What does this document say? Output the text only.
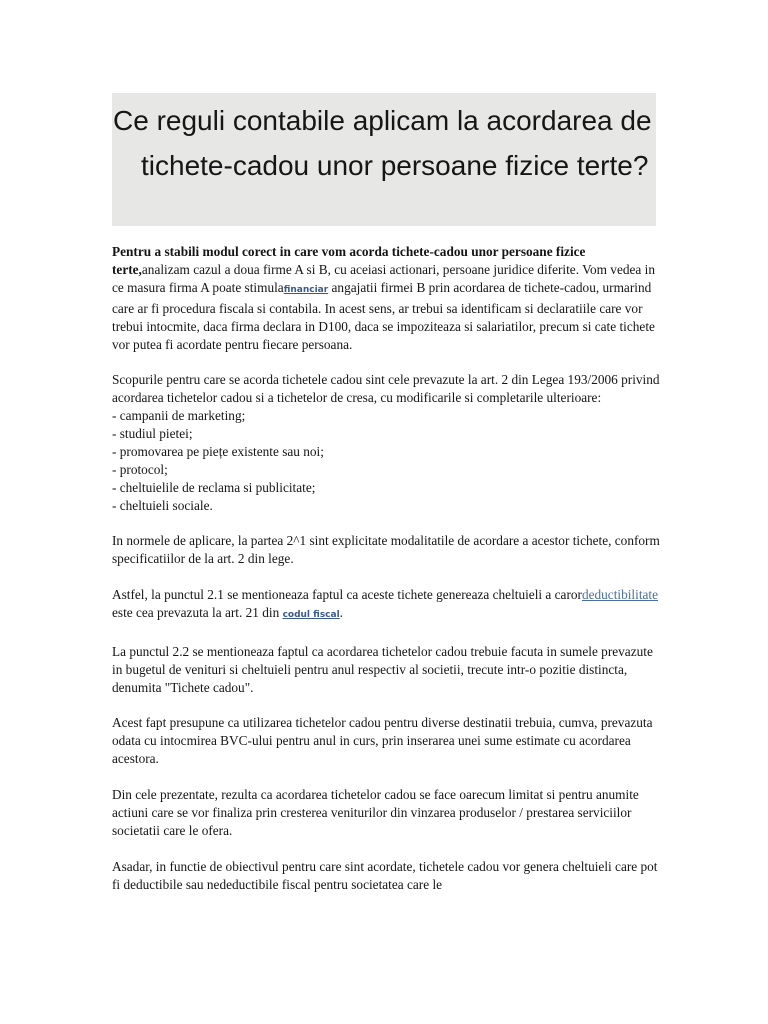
Ce reguli contabile aplicam la acordarea de tichete-cadou unor persoane fizice terte?

Pentru a stabili modul corect in care vom acorda tichete-cadou unor persoane fizice terte,analizam cazul a doua firme A si B, cu aceiasi actionari, persoane juridice diferite. Vom vedea in ce masura firma A poate stimulafinanciar angajatii firmei B prin acordarea de tichete-cadou, urmarind care ar fi procedura fiscala si contabila. In acest sens, ar trebui sa identificam si declaratiile care vor trebui intocmite, daca firma declara in D100, daca se impoziteaza si salariatilor, precum si cate tichete vor putea fi acordate pentru fiecare persoana.

Scopurile pentru care se acorda tichetele cadou sint cele prevazute la art. 2 din Legea 193/2006 privind acordarea tichetelor cadou si a tichetelor de cresa, cu modificarile si completarile ulterioare:
- campanii de marketing;
- studiul pietei;
- promovarea pe piețe existente sau noi;
- protocol;
- cheltuielile de reclama si publicitate;
- cheltuieli sociale.

In normele de aplicare, la partea 2^1 sint explicitate modalitatile de acordare a acestor tichete, conform specificatiilor de la art. 2 din lege.

Astfel, la punctul 2.1 se mentioneaza faptul ca aceste tichete genereaza cheltuieli a carordeductibilitate este cea prevazuta la art. 21 din codul fiscal.

La punctul 2.2 se mentioneaza faptul ca acordarea tichetelor cadou trebuie facuta in sumele prevazute in bugetul de venituri si cheltuieli pentru anul respectiv al societii, trecute intr-o pozitie distincta, denumita "Tichete cadou".

Acest fapt presupune ca utilizarea tichetelor cadou pentru diverse destinatii trebuia, cumva, prevazuta odata cu intocmirea BVC-ului pentru anul in curs, prin inserarea unei sume estimate cu acordarea acestora.

Din cele prezentate, rezulta ca acordarea tichetelor cadou se face oarecum limitat si pentru anumite actiuni care se vor finaliza prin cresterea veniturilor din vinzarea produselor / prestarea serviciilor societatii care le ofera.

Asadar, in functie de obiectivul pentru care sint acordate, tichetele cadou vor genera cheltuieli care pot fi deductibile sau nedeductibile fiscal pentru societatea care le
